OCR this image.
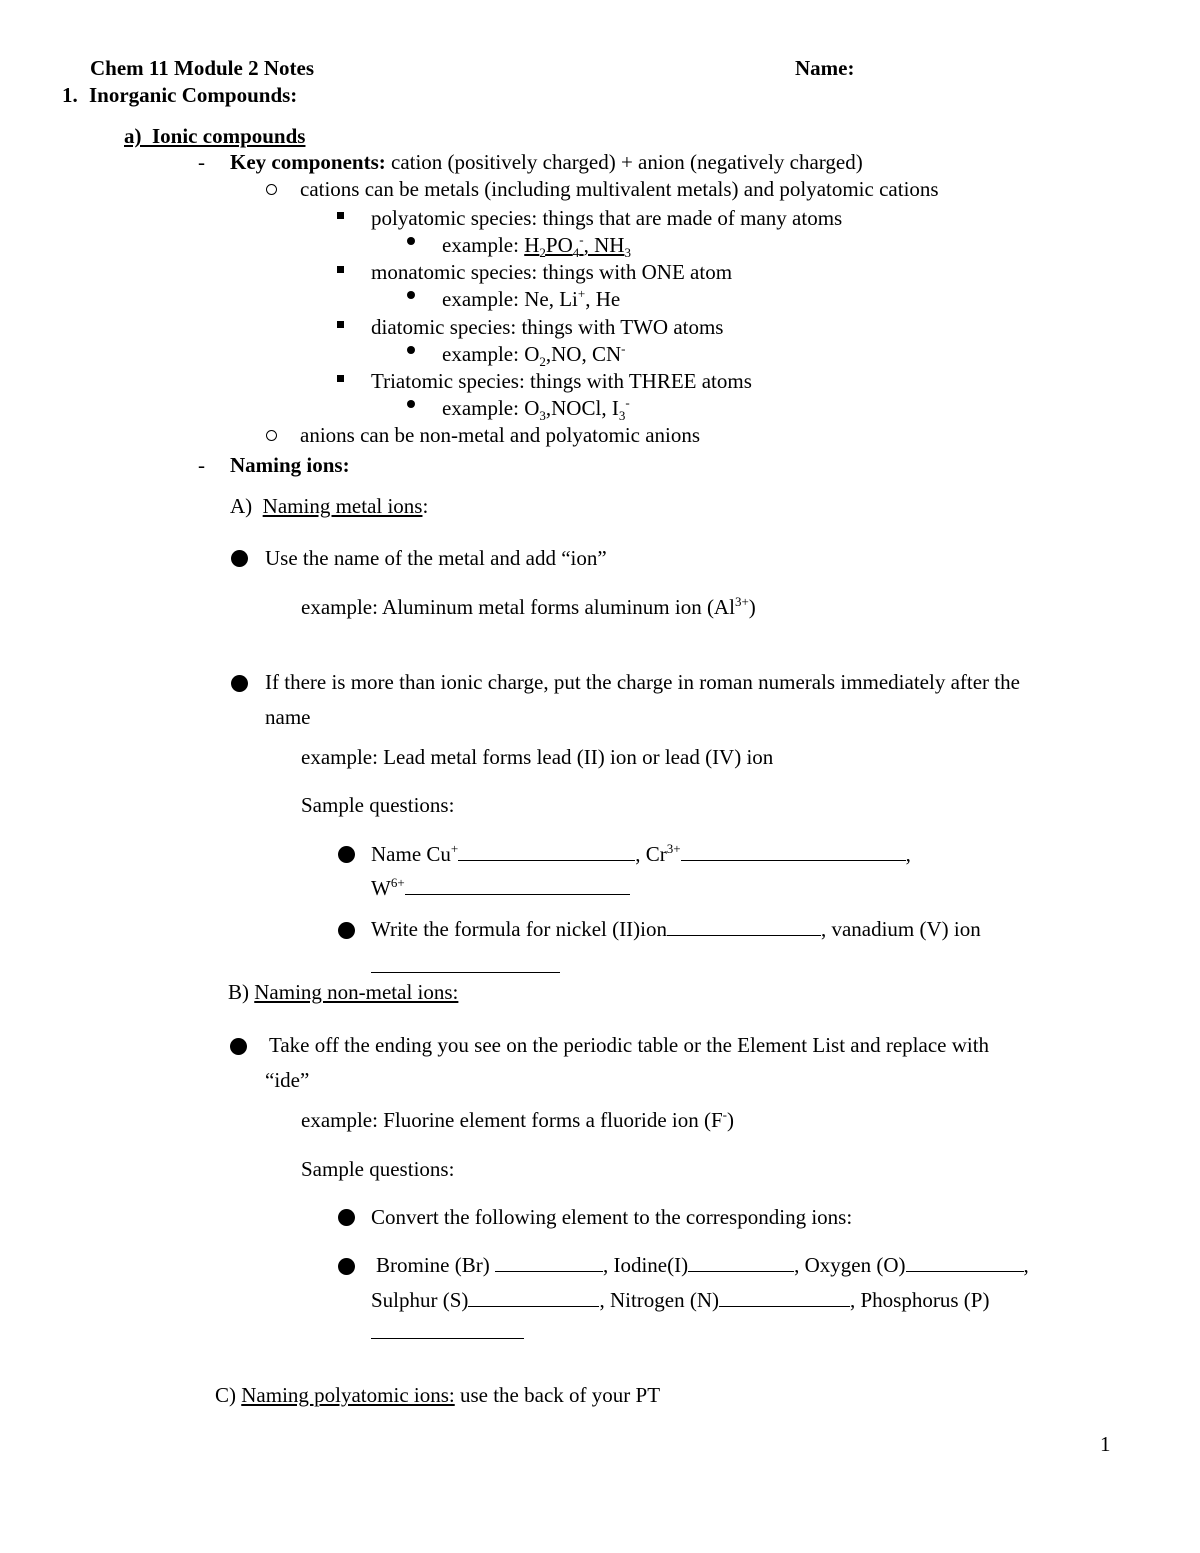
Chem 11 Module 2 Notes	Name:
1. Inorganic Compounds:
a) Ionic compounds
- Key components: cation (positively charged) + anion (negatively charged)
cations can be metals (including multivalent metals) and polyatomic cations
polyatomic species: things that are made of many atoms
example: $H_2PO_4^-$, $NH_3$
monatomic species: things with ONE atom
example: Ne, Li+, He
diatomic species: things with TWO atoms
example: $O_2,NO$, CN-
Triatomic species: things with THREE atoms
example: $O_3,NOCl$, $I_3^-$
anions can be non-metal and polyatomic anions
- Naming ions:
A) Naming metal ions:
Use the name of the metal and add “ion”
example: Aluminum metal forms aluminum ion $(Al^{3+})$
If there is more than ionic charge, put the charge in roman numerals immediately after the
name
example: Lead metal forms lead (II) ion or lead (IV) ion
Sample questions:
Name Cu+	, $Cr^{3+}$	,
$W^{6+}$
Write the formula for nickel (II)ion	, vanadium (V) ion
B) Naming non-metal ions:
Take off the ending you see on the periodic table or the Element List and replace with
“ide”
example: Fluorine element forms a fluoride ion (F-)
Sample questions:
Convert the following element to the corresponding ions:
Bromine (Br)	, Iodine(I)	, Oxygen (O)	,
Sulphur (S)	, Nitrogen (N)	, Phosphorus (P)
C) Naming polyatomic ions: use the back of your PT
1
